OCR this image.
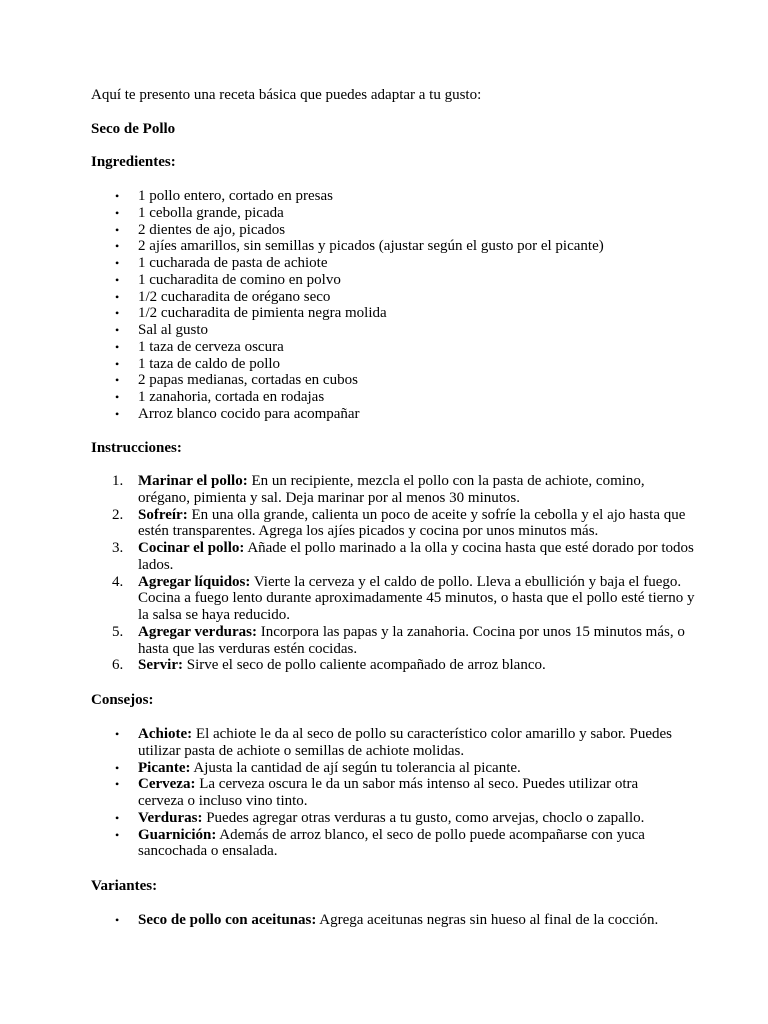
Aquí te presento una receta básica que puedes adaptar a tu gusto:

Seco de Pollo

Ingredientes:

• 1 pollo entero, cortado en presas
• 1 cebolla grande, picada
• 2 dientes de ajo, picados
• 2 ajíes amarillos, sin semillas y picados (ajustar según el gusto por el picante)
• 1 cucharada de pasta de achiote
• 1 cucharadita de comino en polvo
• 1/2 cucharadita de orégano seco
• 1/2 cucharadita de pimienta negra molida
• Sal al gusto
• 1 taza de cerveza oscura
• 1 taza de caldo de pollo
• 2 papas medianas, cortadas en cubos
• 1 zanahoria, cortada en rodajas
• Arroz blanco cocido para acompañar

Instrucciones:

1. Marinar el pollo: En un recipiente, mezcla el pollo con la pasta de achiote, comino, orégano, pimienta y sal. Deja marinar por al menos 30 minutos.
2. Sofreír: En una olla grande, calienta un poco de aceite y sofríe la cebolla y el ajo hasta que estén transparentes. Agrega los ajíes picados y cocina por unos minutos más.
3. Cocinar el pollo: Añade el pollo marinado a la olla y cocina hasta que esté dorado por todos lados.
4. Agregar líquidos: Vierte la cerveza y el caldo de pollo. Lleva a ebullición y baja el fuego. Cocina a fuego lento durante aproximadamente 45 minutos, o hasta que el pollo esté tierno y la salsa se haya reducido.
5. Agregar verduras: Incorpora las papas y la zanahoria. Cocina por unos 15 minutos más, o hasta que las verduras estén cocidas.
6. Servir: Sirve el seco de pollo caliente acompañado de arroz blanco.

Consejos:

• Achiote: El achiote le da al seco de pollo su característico color amarillo y sabor. Puedes utilizar pasta de achiote o semillas de achiote molidas.
• Picante: Ajusta la cantidad de ají según tu tolerancia al picante.
• Cerveza: La cerveza oscura le da un sabor más intenso al seco. Puedes utilizar otra cerveza o incluso vino tinto.
• Verduras: Puedes agregar otras verduras a tu gusto, como arvejas, choclo o zapallo.
• Guarnición: Además de arroz blanco, el seco de pollo puede acompañarse con yuca sancochada o ensalada.

Variantes:

• Seco de pollo con aceitunas: Agrega aceitunas negras sin hueso al final de la cocción.
